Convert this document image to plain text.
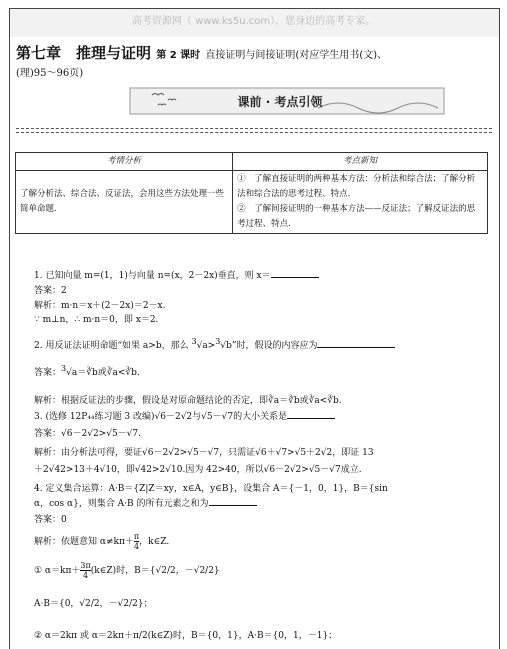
高考资源网（ www.ks5u.com），您身边的高考专家。
第七章　推理与证明 第 2 课时 直接证明与间接证明(对应学生用书(文)、
(理)95～96页)
课前 · 考点引领
考情分析	考点新知
了解分析法、综合法、反证法，会用这些方法处理一些简单命题.	①　了解直接证明的两种基本方法：分析法和综合法；了解分析法和综合法的思考过程、特点.
②　了解间接证明的一种基本方法——反证法；了解反证法的思考过程、特点.
1. 已知向量 m=(1，1)与向量 n=(x，2－2x)垂直，则 x＝
答案：2
解析：m·n＝x＋(2－2x)＝2－x.
∵ m⊥n，∴ m·n＝0，即 x＝2.
2. 用反证法证明命题“如果 a>b，那么 3√a>3√b”时，假设的内容应为
答案：3√a＝∛b或∛a<∛b.
解析：根据反证法的步骤，假设是对原命题结论的否定，即∛a＝∛b或∛a<∛b.
3. (选修 12P₄₄练习题 3 改编)√6－2√2与√5－√7的大小关系是
答案：√6－2√2>√5－√7.
解析：由分析法可得，要证√6－2√2>√5－√7，只需证√6＋√7>√5＋2√2，即证 13
＋2√42>13＋4√10，即√42>2√10.因为 42>40，所以√6－2√2>√5－√7成立.
4. 定义集合运算：A·B＝{Z|Z＝xy，x∈A，y∈B}，设集合 A＝{－1，0，1}，B＝{sin
α，cos α}，则集合 A·B 的所有元素之和为
答案：0
解析：依题意知 $\alpha\ne k\pi+ \frac{\pi}{4}$ ，k∈Z.
① $\alpha=k\pi+ \frac{3\pi}{4}$ (k∈Z)时，B＝{√2/2，－√2/2}
A·B＝{0，√2/2，－√2/2}；
② α＝2kπ 或 α＝2kπ＋π/2(k∈Z)时，B＝{0，1}，A·B＝{0，1，－1}；
